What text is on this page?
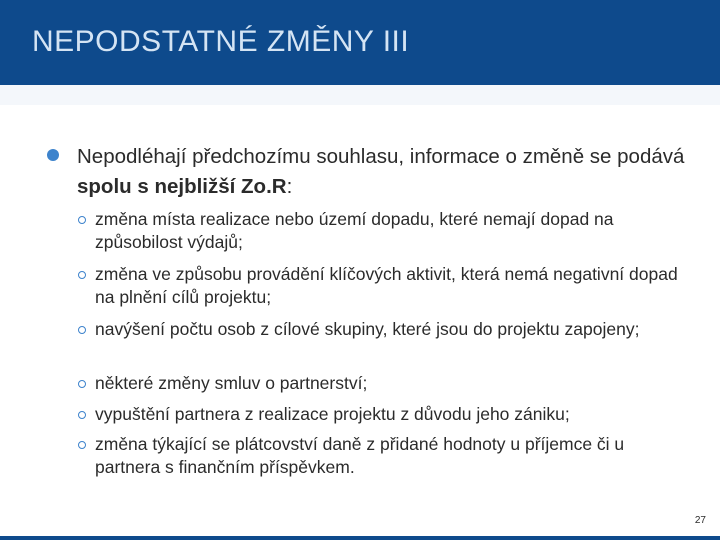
NEPODSTATNÉ ZMĚNY III
Nepodléhají předchozímu souhlasu, informace o změně se podává spolu s nejbližší Zo.R:
změna místa realizace nebo území dopadu, které nemají dopad na způsobilost výdajů;
změna ve způsobu provádění klíčových aktivit, která nemá negativní dopad na plnění cílů projektu;
navýšení počtu osob z cílové skupiny, které jsou do projektu zapojeny;
některé změny smluv o partnerství;
vypuštění partnera z realizace projektu z důvodu jeho zániku;
změna týkající se plátcovství daně z přidané hodnoty u příjemce či u partnera s finančním příspěvkem.
27
